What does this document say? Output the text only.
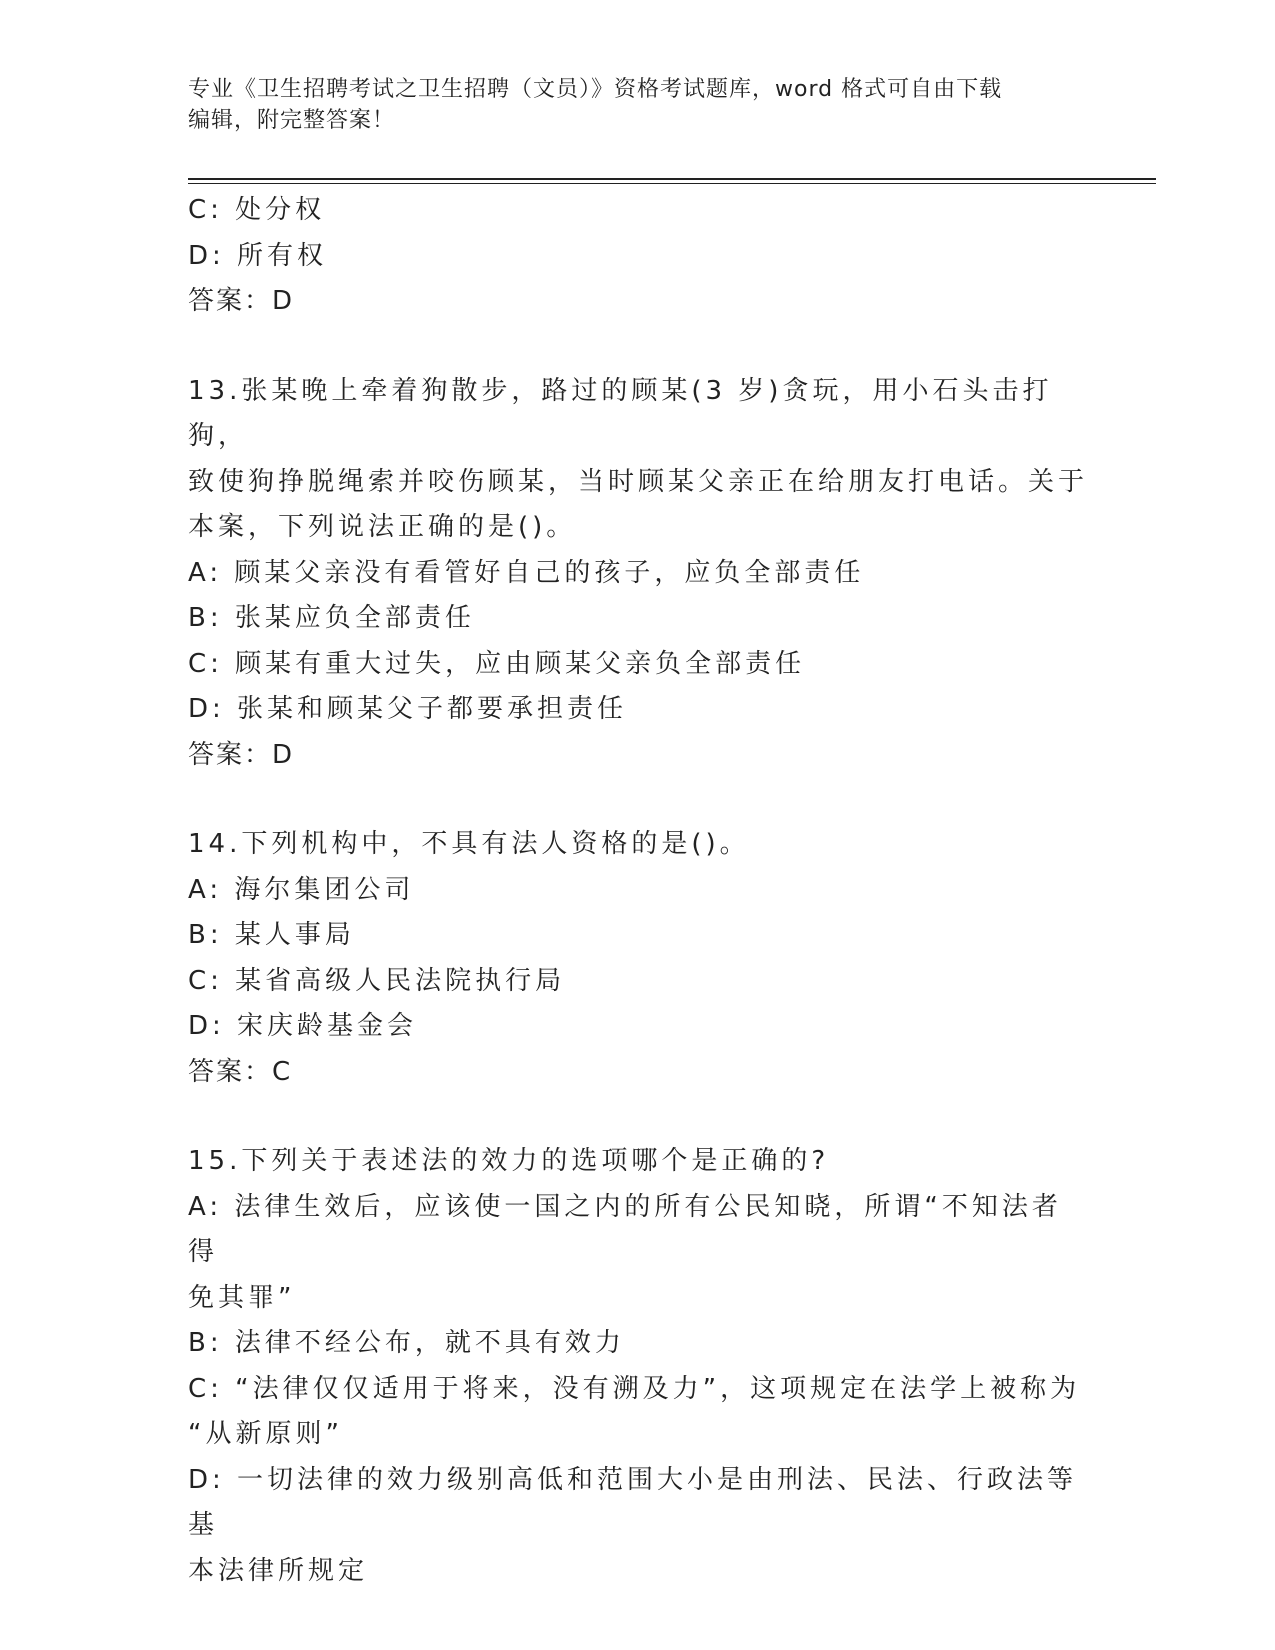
专业《卫生招聘考试之卫生招聘（文员）》资格考试题库，word 格式可自由下载
编辑，附完整答案！
C: 处分权
D: 所有权
答案：D
13.张某晚上牵着狗散步，路过的顾某(3 岁)贪玩，用小石头击打狗，
致使狗挣脱绳索并咬伤顾某，当时顾某父亲正在给朋友打电话。关于
本案，下列说法正确的是()。
A: 顾某父亲没有看管好自己的孩子，应负全部责任
B: 张某应负全部责任
C: 顾某有重大过失，应由顾某父亲负全部责任
D: 张某和顾某父子都要承担责任
答案：D
14.下列机构中，不具有法人资格的是()。
A: 海尔集团公司
B: 某人事局
C: 某省高级人民法院执行局
D: 宋庆龄基金会
答案：C
15.下列关于表述法的效力的选项哪个是正确的?
A: 法律生效后，应该使一国之内的所有公民知晓，所谓“不知法者得
免其罪”
B: 法律不经公布，就不具有效力
C: “法律仅仅适用于将来，没有溯及力”，这项规定在法学上被称为
“从新原则”
D: 一切法律的效力级别高低和范围大小是由刑法、民法、行政法等基
本法律所规定
